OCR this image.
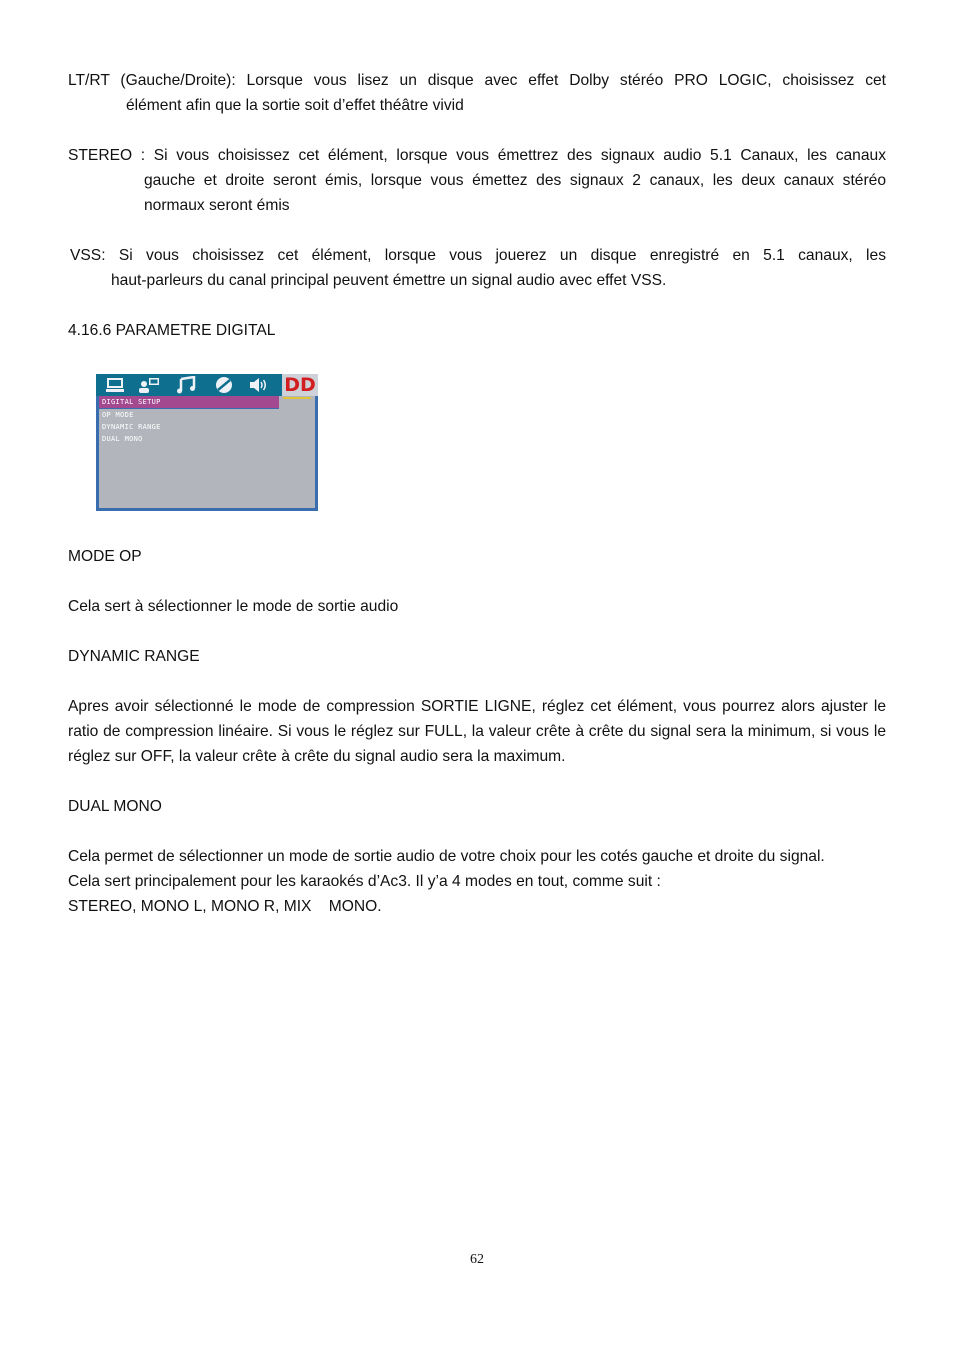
LT/RT (Gauche/Droite): Lorsque vous lisez un disque avec effet Dolby stéréo PRO LOGIC, choisissez cet

élément afin que la sortie soit d’effet théâtre vivid

STEREO : Si vous choisissez cet élément, lorsque vous émettrez des signaux audio 5.1 Canaux, les canaux

gauche et droite seront émis, lorsque vous émettez des signaux 2 canaux, les deux canaux stéréo

normaux seront émis

VSS: Si vous choisissez cet élément, lorsque vous jouerez un disque enregistré en 5.1 canaux, les

haut-parleurs du canal principal peuvent émettre un signal audio avec effet VSS.

4.16.6 PARAMETRE DIGITAL

DD
DIGITAL SETUP
OP MODE
DYNAMIC RANGE
DUAL MONO

MODE OP

Cela sert à sélectionner le mode de sortie audio

DYNAMIC RANGE

Apres avoir sélectionné le mode de compression SORTIE LIGNE, réglez cet élément, vous pourrez alors ajuster le ratio de compression linéaire. Si vous le réglez sur FULL, la valeur crête à crête du signal sera la minimum, si vous le réglez sur OFF, la valeur crête à crête du signal audio sera la maximum.

DUAL MONO

Cela permet de sélectionner un mode de sortie audio de votre choix pour les cotés gauche et droite du signal.

Cela sert principalement pour les karaokés d’Ac3. Il y’a 4 modes en tout, comme suit :

STEREO, MONO L, MONO R, MIX    MONO.

62
